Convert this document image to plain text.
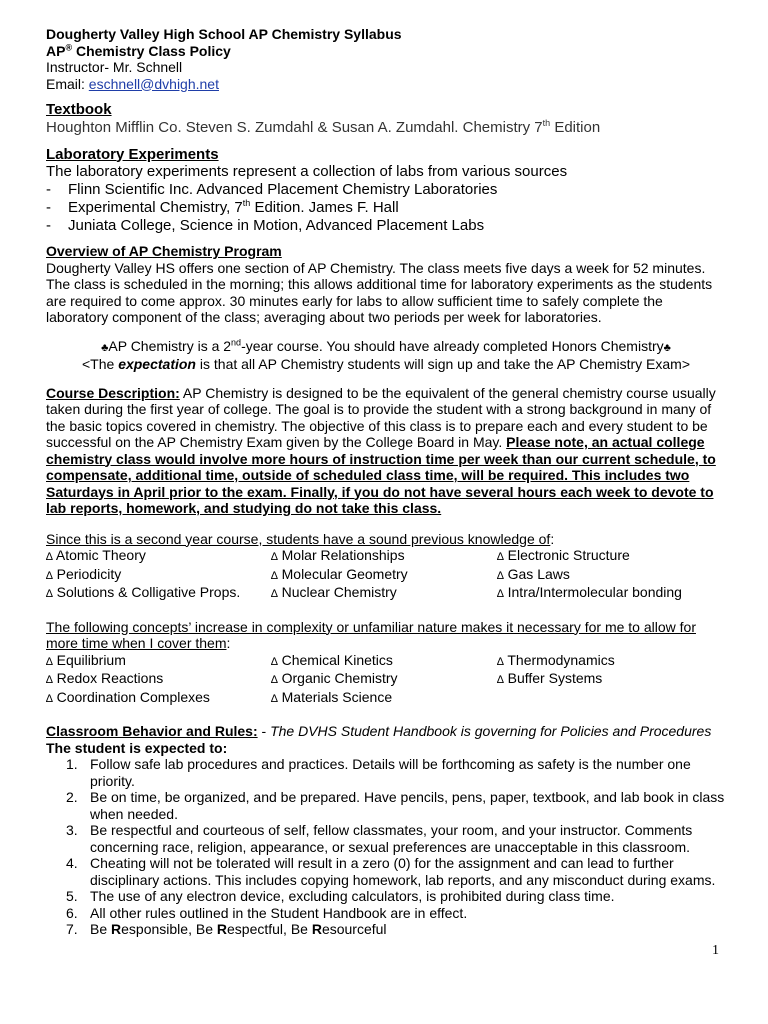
Dougherty Valley High School AP Chemistry Syllabus
AP® Chemistry Class Policy
Instructor- Mr. Schnell
Email: eschnell@dvhigh.net
Textbook
Houghton Mifflin Co. Steven S. Zumdahl & Susan A. Zumdahl. Chemistry 7th Edition
Laboratory Experiments
The laboratory experiments represent a collection of labs from various sources
-	Flinn Scientific Inc. Advanced Placement Chemistry Laboratories
-	Experimental Chemistry, 7th Edition. James F. Hall
-	Juniata College, Science in Motion, Advanced Placement Labs
Overview of AP Chemistry Program
Dougherty Valley HS offers one section of AP Chemistry. The class meets five days a week for 52 minutes. The class is scheduled in the morning; this allows additional time for laboratory experiments as the students are required to come approx. 30 minutes early for labs to allow sufficient time to safely complete the laboratory component of the class; averaging about two periods per week for laboratories.
♣AP Chemistry is a 2nd-year course. You should have already completed Honors Chemistry♣
<The expectation is that all AP Chemistry students will sign up and take the AP Chemistry Exam>
Course Description: AP Chemistry is designed to be the equivalent of the general chemistry course usually taken during the first year of college. The goal is to provide the student with a strong background in many of the basic topics covered in chemistry. The objective of this class is to prepare each and every student to be successful on the AP Chemistry Exam given by the College Board in May. Please note, an actual college chemistry class would involve more hours of instruction time per week than our current schedule, to compensate, additional time, outside of scheduled class time, will be required. This includes two Saturdays in April prior to the exam. Finally, if you do not have several hours each week to devote to lab reports, homework, and studying do not take this class.
Since this is a second year course, students have a sound previous knowledge of:
∆ Atomic Theory	∆ Molar Relationships	∆ Electronic Structure
∆ Periodicity	∆ Molecular Geometry	∆ Gas Laws
∆ Solutions & Colligative Props.	∆ Nuclear Chemistry	∆ Intra/Intermolecular bonding
The following concepts’ increase in complexity or unfamiliar nature makes it necessary for me to allow for more time when I cover them:
∆ Equilibrium	∆ Chemical Kinetics	∆ Thermodynamics
∆ Redox Reactions	∆ Organic Chemistry	∆ Buffer Systems
∆ Coordination Complexes	∆ Materials Science
Classroom Behavior and Rules: - The DVHS Student Handbook is governing for Policies and Procedures
The student is expected to:
1. Follow safe lab procedures and practices. Details will be forthcoming as safety is the number one priority.
2. Be on time, be organized, and be prepared. Have pencils, pens, paper, textbook, and lab book in class when needed.
3. Be respectful and courteous of self, fellow classmates, your room, and your instructor. Comments concerning race, religion, appearance, or sexual preferences are unacceptable in this classroom.
4. Cheating will not be tolerated will result in a zero (0) for the assignment and can lead to further disciplinary actions. This includes copying homework, lab reports, and any misconduct during exams.
5. The use of any electron device, excluding calculators, is prohibited during class time.
6. All other rules outlined in the Student Handbook are in effect.
7. Be Responsible, Be Respectful, Be Resourceful
1
